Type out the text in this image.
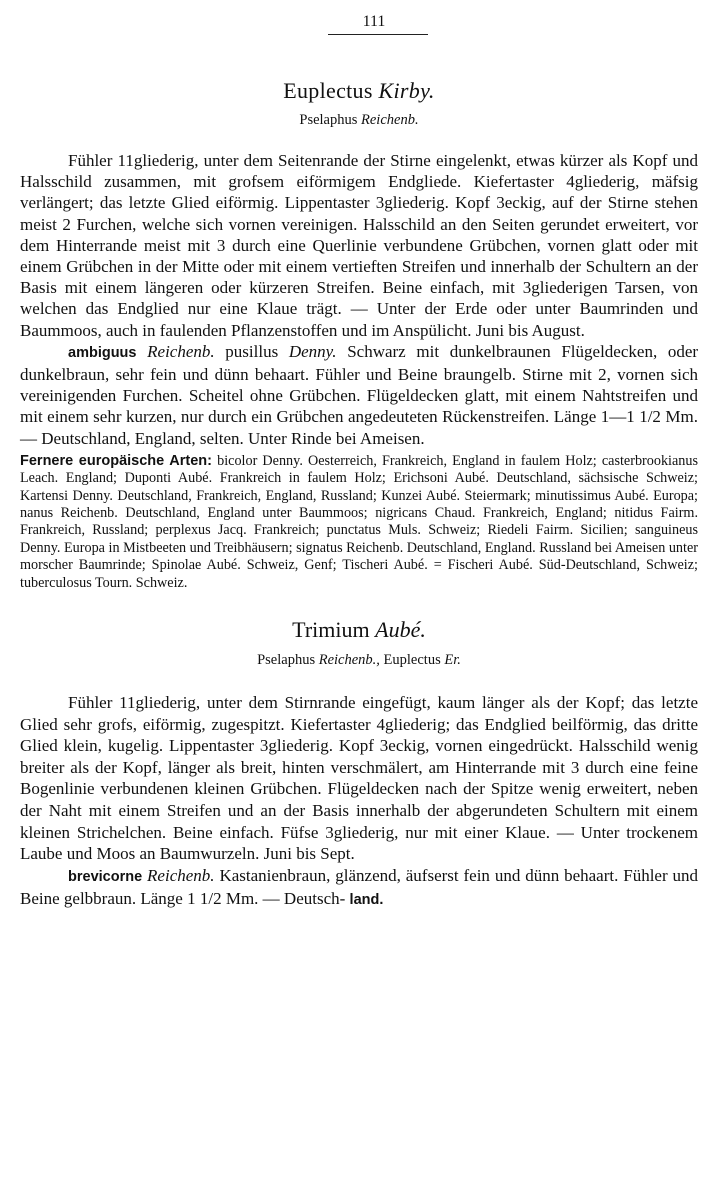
111
Euplectus Kirby.
Pselaphus Reichenb.

Fühler 11gliederig, unter dem Seitenrande der Stirne eingelenkt, etwas kürzer als Kopf und Halsschild zusammen, mit grofsem eiförmigem Endgliede. Kiefertaster 4gliederig, mäfsig verlängert; das letzte Glied eiförmig. Lippentaster 3gliederig. Kopf 3eckig, auf der Stirne stehen meist 2 Furchen, welche sich vornen vereinigen. Halsschild an den Seiten gerundet erweitert, vor dem Hinterrande meist mit 3 durch eine Querlinie verbundene Grübchen, vornen glatt oder mit einem Grübchen in der Mitte oder mit einem vertieften Streifen und innerhalb der Schultern an der Basis mit einem längeren oder kürzeren Streifen. Beine einfach, mit 3gliederigen Tarsen, von welchen das Endglied nur eine Klaue trägt. — Unter der Erde oder unter Baumrinden und Baummoos, auch in faulenden Pflanzenstoffen und im Anspülicht. Juni bis August.

ambiguus Reichenb. pusillus Denny. Schwarz mit dunkelbraunen Flügeldecken, oder dunkelbraun, sehr fein und dünn behaart. Fühler und Beine braungelb. Stirne mit 2, vornen sich vereinigenden Furchen. Scheitel ohne Grübchen. Flügeldecken glatt, mit einem Nahtstreifen und mit einem sehr kurzen, nur durch ein Grübchen angedeuteten Rückenstreifen. Länge 1—1 1/2 Mm. — Deutschland, England, selten. Unter Rinde bei Ameisen.

Fernere europäische Arten: bicolor Denny. Oesterreich, Frankreich, England in faulem Holz; casterbrookianus Leach. England; Duponti Aubé. Frankreich in faulem Holz; Erichsoni Aubé. Deutschland, sächsische Schweiz; Kartensi Denny. Deutschland, Frankreich, England, Russland; Kunzei Aubé. Steiermark; minutissimus Aubé. Europa; nanus Reichenb. Deutschland, England unter Baummoos; nigricans Chaud. Frankreich, England; nitidus Fairm. Frankreich, Russland; perplexus Jacq. Frankreich; punctatus Muls. Schweiz; Riedeli Fairm. Sicilien; sanguineus Denny. Europa in Mistbeeten und Treibhäusern; signatus Reichenb. Deutschland, England. Russland bei Ameisen unter morscher Baumrinde; Spinolae Aubé. Schweiz, Genf; Tischeri Aubé. = Fischeri Aubé. Süd-Deutschland, Schweiz; tuberculosus Tourn. Schweiz.

Trimium Aubé.
Pselaphus Reichenb., Euplectus Er.

Fühler 11gliederig, unter dem Stirnrande eingefügt, kaum länger als der Kopf; das letzte Glied sehr grofs, eiförmig, zugespitzt. Kiefertaster 4gliederig; das Endglied beilförmig, das dritte Glied klein, kugelig. Lippentaster 3gliederig. Kopf 3eckig, vornen eingedrückt. Halsschild wenig breiter als der Kopf, länger als breit, hinten verschmälert, am Hinterrande mit 3 durch eine feine Bogenlinie verbundenen kleinen Grübchen. Flügeldecken nach der Spitze wenig erweitert, neben der Naht mit einem Streifen und an der Basis innerhalb der abgerundeten Schultern mit einem kleinen Strichelchen. Beine einfach. Füfse 3gliederig, nur mit einer Klaue. — Unter trockenem Laube und Moos an Baumwurzeln. Juni bis Sept.

brevicorne Reichenb. Kastanienbraun, glänzend, äufserst fein und dünn behaart. Fühler und Beine gelbbraun. Länge 1 1/2 Mm. — Deutsch- land.
